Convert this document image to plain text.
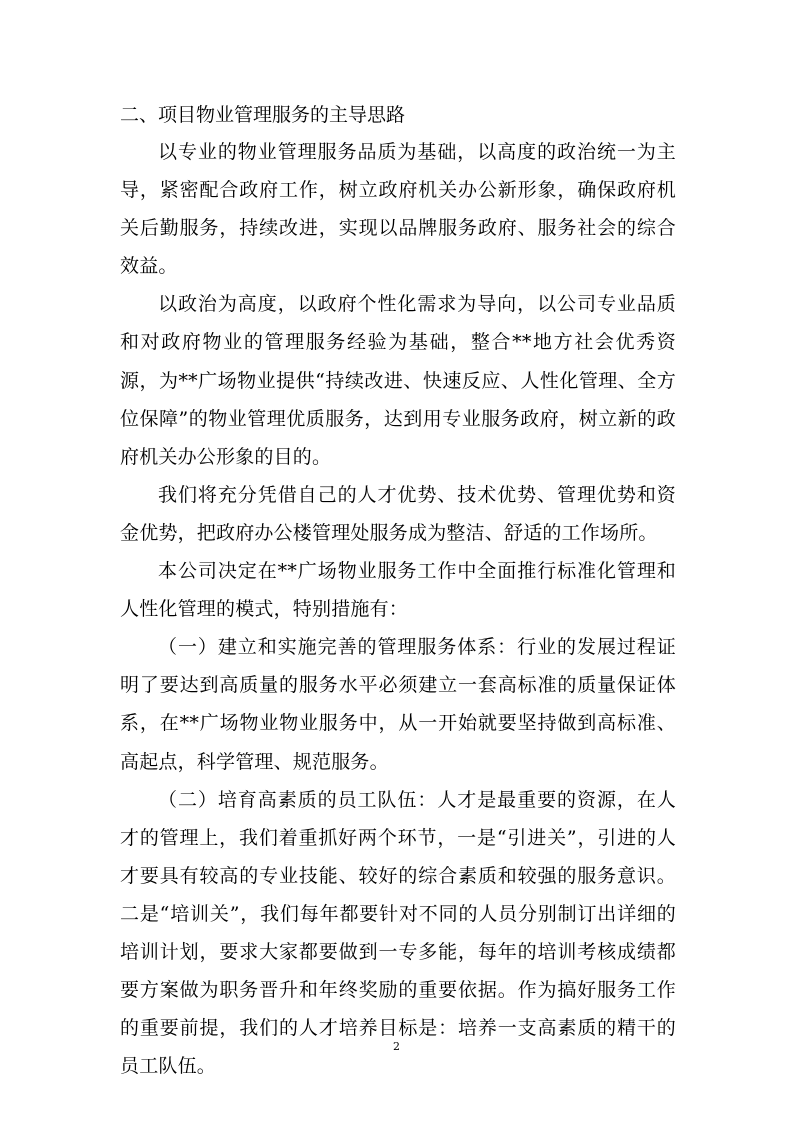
二、项目物业管理服务的主导思路

以专业的物业管理服务品质为基础，以高度的政治统一为主导，紧密配合政府工作，树立政府机关办公新形象，确保政府机关后勤服务，持续改进，实现以品牌服务政府、服务社会的综合效益。

以政治为高度，以政府个性化需求为导向，以公司专业品质和对政府物业的管理服务经验为基础，整合**地方社会优秀资源，为**广场物业提供“持续改进、快速反应、人性化管理、全方位保障”的物业管理优质服务，达到用专业服务政府，树立新的政府机关办公形象的目的。

我们将充分凭借自己的人才优势、技术优势、管理优势和资金优势，把政府办公楼管理处服务成为整洁、舒适的工作场所。

本公司决定在**广场物业服务工作中全面推行标准化管理和人性化管理的模式，特别措施有：

（一）建立和实施完善的管理服务体系：行业的发展过程证明了要达到高质量的服务水平必须建立一套高标准的质量保证体系，在**广场物业物业服务中，从一开始就要坚持做到高标准、高起点，科学管理、规范服务。

（二）培育高素质的员工队伍：人才是最重要的资源，在人才的管理上，我们着重抓好两个环节，一是“引进关”，引进的人才要具有较高的专业技能、较好的综合素质和较强的服务意识。二是“培训关”，我们每年都要针对不同的人员分别制订出详细的培训计划，要求大家都要做到一专多能，每年的培训考核成绩都要方案做为职务晋升和年终奖励的重要依据。作为搞好服务工作的重要前提，我们的人才培养目标是：培养一支高素质的精干的员工队伍。

2
